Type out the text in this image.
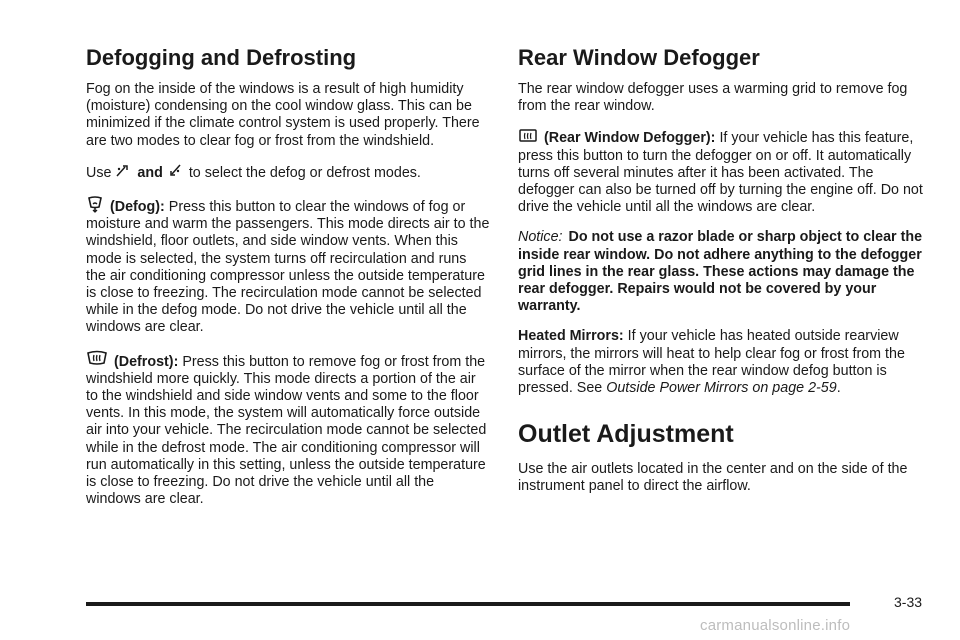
Defogging and Defrosting

Fog on the inside of the windows is a result of high humidity (moisture) condensing on the cool window glass. This can be minimized if the climate control system is used properly. There are two modes to clear fog or frost from the windshield.

Use and to select the defog or defrost modes.

(Defog): Press this button to clear the windows of fog or moisture and warm the passengers. This mode directs air to the windshield, floor outlets, and side window vents. When this mode is selected, the system turns off recirculation and runs the air conditioning compressor unless the outside temperature is close to freezing. The recirculation mode cannot be selected while in the defog mode. Do not drive the vehicle until all the windows are clear.

(Defrost): Press this button to remove fog or frost from the windshield more quickly. This mode directs a portion of the air to the windshield and side window vents and some to the floor vents. In this mode, the system will automatically force outside air into your vehicle. The recirculation mode cannot be selected while in the defrost mode. The air conditioning compressor will run automatically in this setting, unless the outside temperature is close to freezing. Do not drive the vehicle until all the windows are clear.

Rear Window Defogger

The rear window defogger uses a warming grid to remove fog from the rear window.

(Rear Window Defogger): If your vehicle has this feature, press this button to turn the defogger on or off. It automatically turns off several minutes after it has been activated. The defogger can also be turned off by turning the engine off. Do not drive the vehicle until all the windows are clear.

Notice: Do not use a razor blade or sharp object to clear the inside rear window. Do not adhere anything to the defogger grid lines in the rear glass. These actions may damage the rear defogger. Repairs would not be covered by your warranty.

Heated Mirrors: If your vehicle has heated outside rearview mirrors, the mirrors will heat to help clear fog or frost from the surface of the mirror when the rear window defog button is pressed. See Outside Power Mirrors on page 2-59.

Outlet Adjustment

Use the air outlets located in the center and on the side of the instrument panel to direct the airflow.

3-33
carmanualsonline.info
